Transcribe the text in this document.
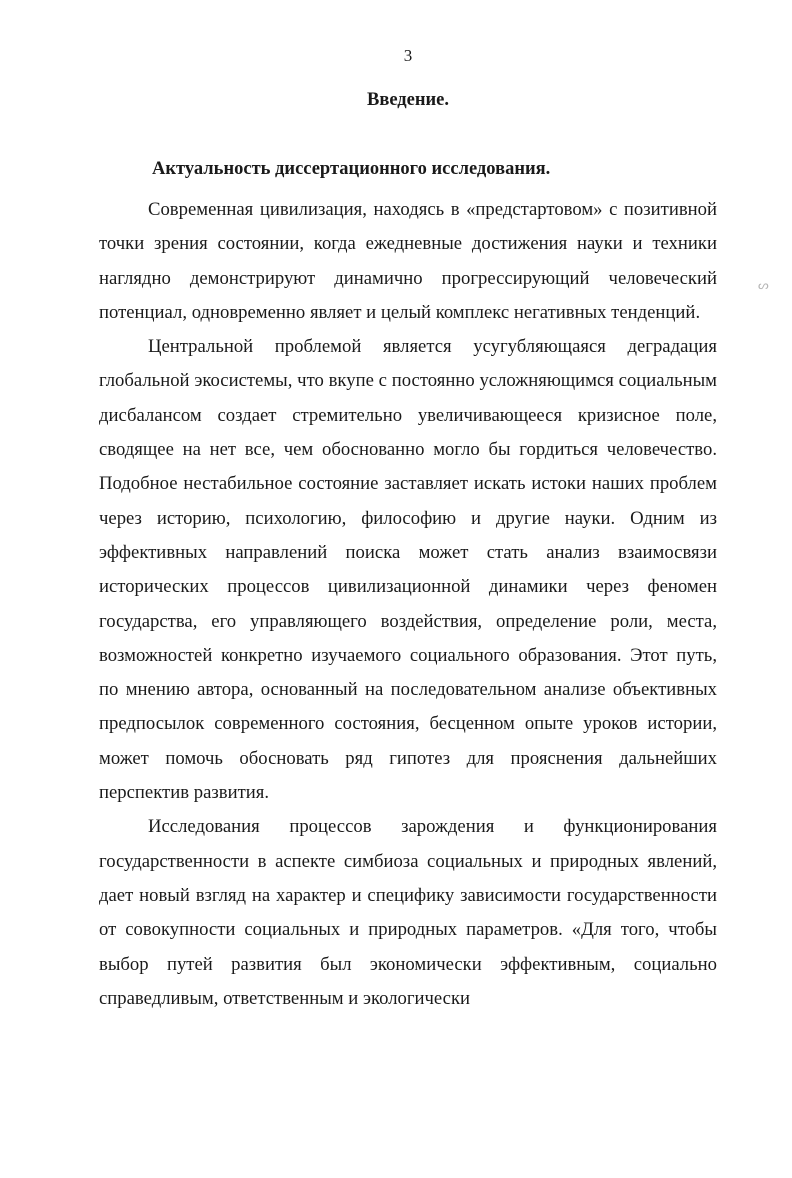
3
Введение.
Актуальность диссертационного исследования.

Современная цивилизация, находясь в «предстартовом» с позитивной точки зрения состоянии, когда ежедневные достижения науки и техники наглядно демонстрируют динамично прогрессирующий человеческий потенциал, одновременно являет и целый комплекс негативных тенденций.

Центральной проблемой является усугубляющаяся деградация глобальной экосистемы, что вкупе с постоянно усложняющимся социальным дисбалансом создает стремительно увеличивающееся кризисное поле, сводящее на нет все, чем обоснованно могло бы гордиться человечество. Подобное нестабильное состояние заставляет искать истоки наших проблем через историю, психологию, философию и другие науки. Одним из эффективных направлений поиска может стать анализ взаимосвязи исторических процессов цивилизационной динамики через феномен государства, его управляющего воздействия, определение роли, места, возможностей конкретно изучаемого социального образования. Этот путь, по мнению автора, основанный на последовательном анализе объективных предпосылок современного состояния, бесценном опыте уроков истории, может помочь обосновать ряд гипотез для прояснения дальнейших перспектив развития.

Исследования процессов зарождения и функционирования государственности в аспекте симбиоза социальных и природных явлений, дает новый взгляд на характер и специфику зависимости государственности от совокупности социальных и природных параметров. «Для того, чтобы выбор путей развития был экономически эффективным, социально справедливым, ответственным и экологически

ᔕ
